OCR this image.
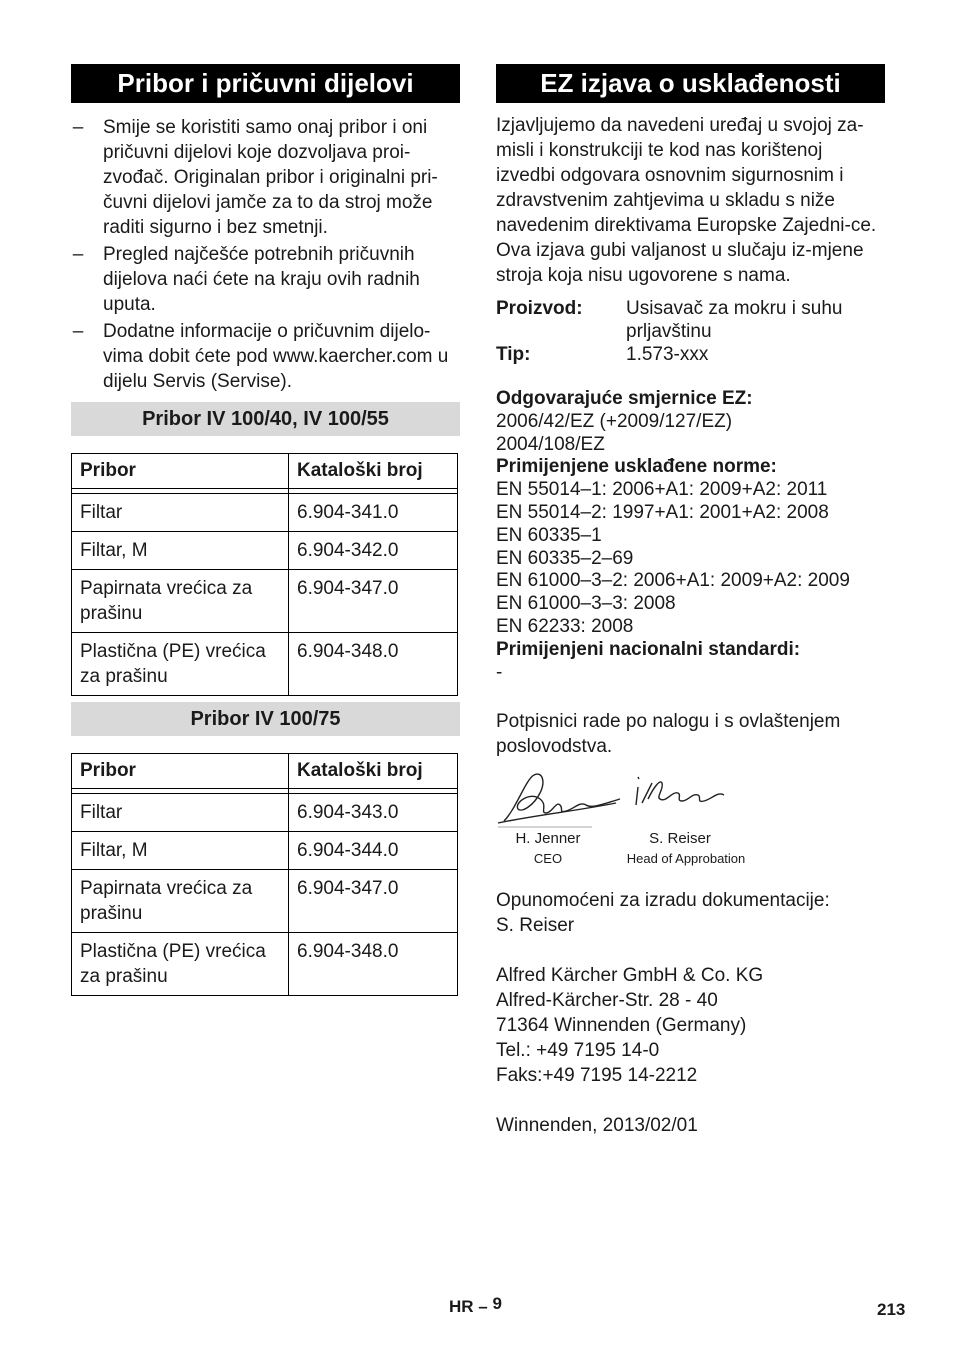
Pribor i pričuvni dijelovi
– Smije se koristiti samo onaj pribor i oni pričuvni dijelovi koje dozvoljava proi-zvođač. Originalan pribor i originalni pri-čuvni dijelovi jamče za to da stroj može raditi sigurno i bez smetnji.
– Pregled najčešće potrebnih pričuvnih dijelova naći ćete na kraju ovih radnih uputa.
– Dodatne informacije o pričuvnim dijelo-vima dobit ćete pod www.kaercher.com u dijelu Servis (Servise).
Pribor IV 100/40, IV 100/55
Pribor	Kataloški broj

Filtar	6.904-341.0
Filtar, M	6.904-342.0
Papirnata vrećica za prašinu	6.904-347.0
Plastična (PE) vrećica za prašinu	6.904-348.0
Pribor IV 100/75
Pribor	Kataloški broj

Filtar	6.904-343.0
Filtar, M	6.904-344.0
Papirnata vrećica za prašinu	6.904-347.0
Plastična (PE) vrećica za prašinu	6.904-348.0
EZ izjava o usklađenosti

Izjavljujemo da navedeni uređaj u svojoj za-misli i konstrukciji te kod nas korištenoj izvedbi odgovara osnovnim sigurnosnim i zdravstvenim zahtjevima u skladu s niže navedenim direktivama Europske Zajedni-ce. Ova izjava gubi valjanost u slučaju iz-mjene stroja koja nisu ugovorene s nama.

Proizvod:	Usisavač za mokru i suhu prljavštinu
Tip:	1.573-xxx
Odgovarajuće smjernice EZ:
2006/42/EZ (+2009/127/EZ)
2004/108/EZ
Primijenjene usklađene norme:
EN 55014–1: 2006+A1: 2009+A2: 2011
EN 55014–2: 1997+A1: 2001+A2: 2008
EN 60335–1
EN 60335–2–69
EN 61000–3–2: 2006+A1: 2009+A2: 2009
EN 61000–3–3: 2008
EN 62233: 2008
Primijenjeni nacionalni standardi:
-

Potpisnici rade po nalogu i s ovlaštenjem poslovodstva.

H. Jenner
CEO
S. Reiser
Head of Approbation

Opunomoćeni za izradu dokumentacije:

S. Reiser

Alfred Kärcher GmbH & Co. KG

Alfred-Kärcher-Str. 28 - 40

71364 Winnenden (Germany)

Tel.: +49 7195 14-0

Faks:+49 7195 14-2212

Winnenden, 2013/02/01

HR – 9	213
